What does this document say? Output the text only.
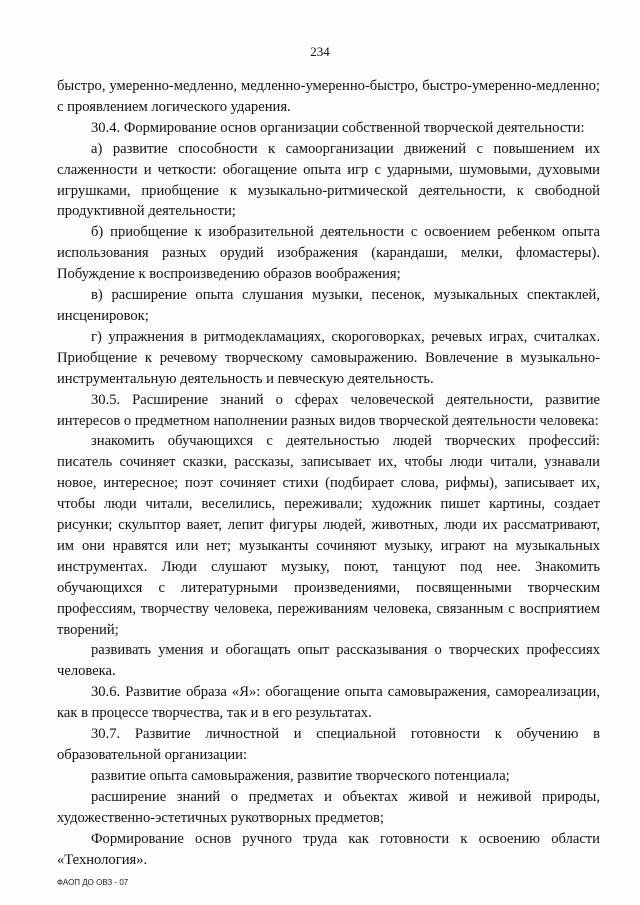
234

быстро, умеренно-медленно, медленно-умеренно-быстро, быстро-умеренно-медленно; с проявлением логического ударения.

30.4. Формирование основ организации собственной творческой деятельности:

а) развитие способности к самоорганизации движений с повышением их слаженности и четкости: обогащение опыта игр с ударными, шумовыми, духовыми игрушками, приобщение к музыкально-ритмической деятельности, к свободной продуктивной деятельности;

б) приобщение к изобразительной деятельности с освоением ребенком опыта использования разных орудий изображения (карандаши, мелки, фломастеры). Побуждение к воспроизведению образов воображения;

в) расширение опыта слушания музыки, песенок, музыкальных спектаклей, инсценировок;

г) упражнения в ритмодекламациях, скороговорках, речевых играх, считалках. Приобщение к речевому творческому самовыражению. Вовлечение в музыкально-инструментальную деятельность и певческую деятельность.

30.5. Расширение знаний о сферах человеческой деятельности, развитие интересов о предметном наполнении разных видов творческой деятельности человека:

знакомить обучающихся с деятельностью людей творческих профессий: писатель сочиняет сказки, рассказы, записывает их, чтобы люди читали, узнавали новое, интересное; поэт сочиняет стихи (подбирает слова, рифмы), записывает их, чтобы люди читали, веселились, переживали; художник пишет картины, создает рисунки; скульптор ваяет, лепит фигуры людей, животных, люди их рассматривают, им они нравятся или нет; музыканты сочиняют музыку, играют на музыкальных инструментах. Люди слушают музыку, поют, танцуют под нее. Знакомить обучающихся с литературными произведениями, посвященными творческим профессиям, творчеству человека, переживаниям человека, связанным с восприятием творений;

развивать умения и обогащать опыт рассказывания о творческих профессиях человека.

30.6. Развитие образа «Я»: обогащение опыта самовыражения, самореализации, как в процессе творчества, так и в его результатах.

30.7. Развитие личностной и специальной готовности к обучению в образовательной организации:

развитие опыта самовыражения, развитие творческого потенциала;

расширение знаний о предметах и объектах живой и неживой природы, художественно-эстетичных рукотворных предметов;

Формирование основ ручного труда как готовности к освоению области «Технология».

ФАОП ДО ОВЗ - 07
